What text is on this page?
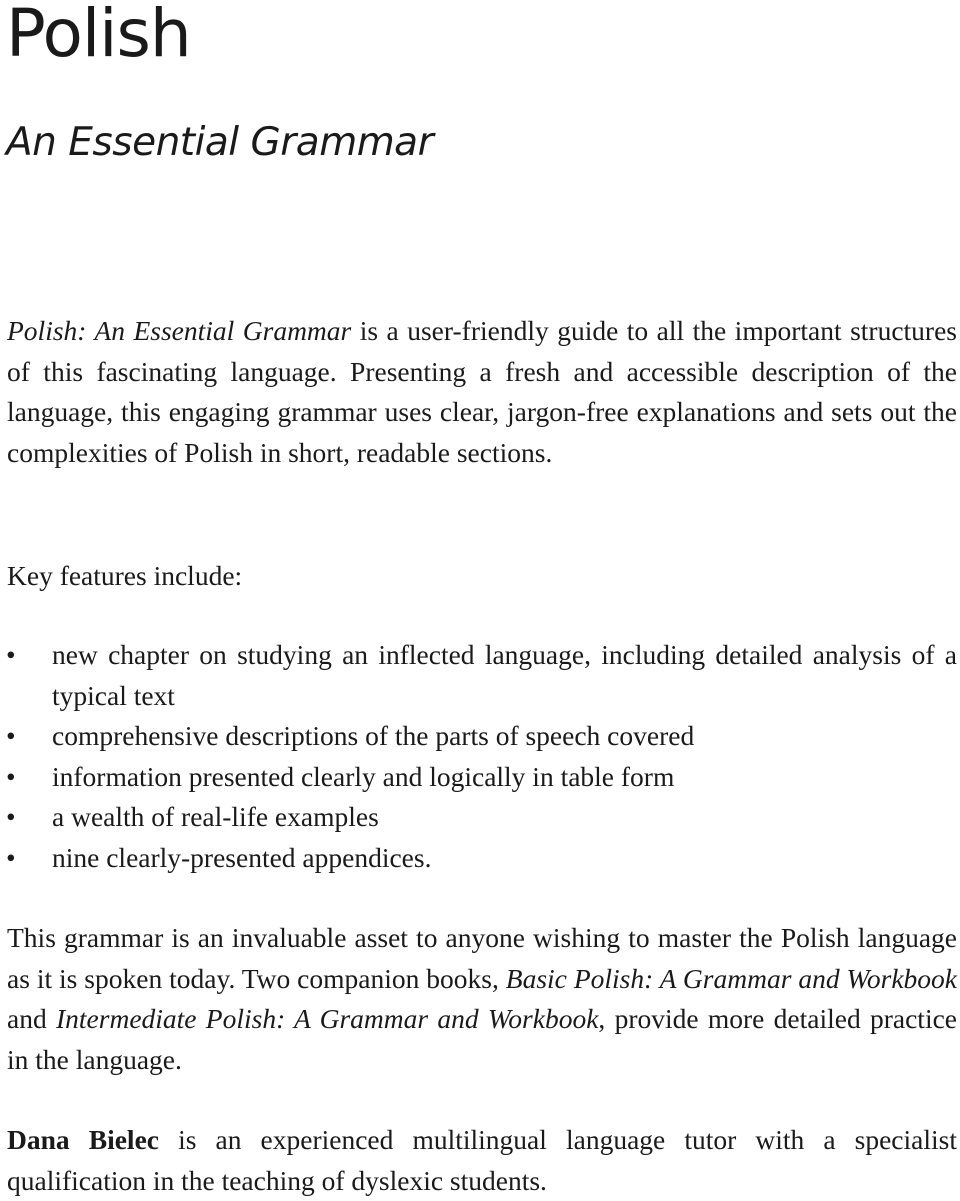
Polish
An Essential Grammar

Polish: An Essential Grammar is a user-friendly guide to all the important structures of this fascinating language. Presenting a fresh and accessible description of the language, this engaging grammar uses clear, jargon-free explanations and sets out the complexities of Polish in short, readable sections.

Key features include:

• new chapter on studying an inflected language, including detailed analysis of a typical text
• comprehensive descriptions of the parts of speech covered
• information presented clearly and logically in table form
• a wealth of real-life examples
• nine clearly-presented appendices.

This grammar is an invaluable asset to anyone wishing to master the Polish language as it is spoken today. Two companion books, Basic Polish: A Grammar and Workbook and Intermediate Polish: A Grammar and Workbook, provide more detailed practice in the language.

Dana Bielec is an experienced multilingual language tutor with a specialist qualification in the teaching of dyslexic students.
